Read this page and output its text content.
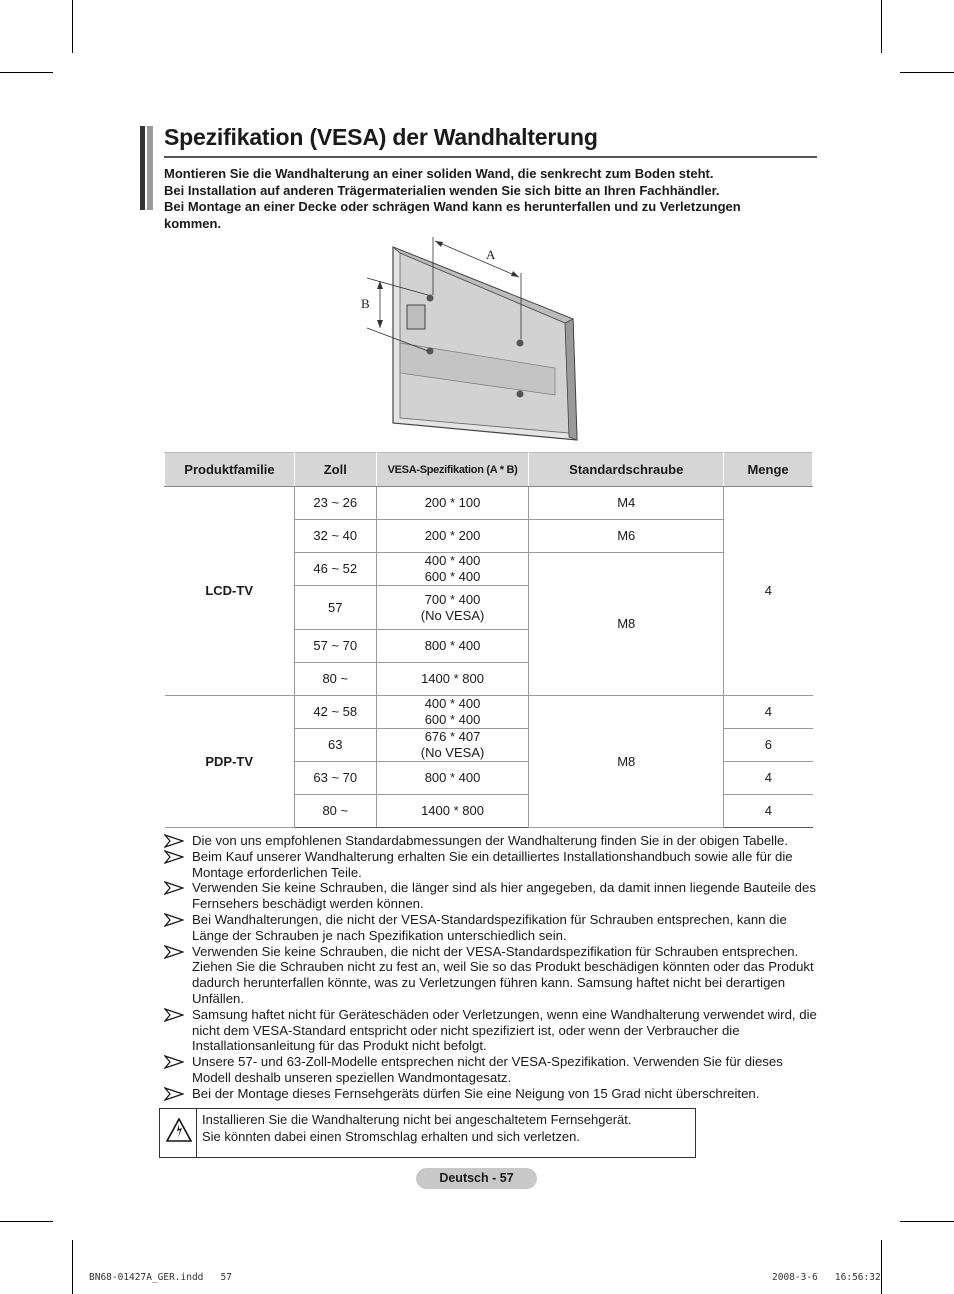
Spezifikation (VESA) der Wandhalterung
Montieren Sie die Wandhalterung an einer soliden Wand, die senkrecht zum Boden steht.
Bei Installation auf anderen Trägermaterialien wenden Sie sich bitte an Ihren Fachhändler.
Bei Montage an einer Decke oder schrägen Wand kann es herunterfallen und zu Verletzungen
kommen.
A
B
Produktfamilie	Zoll	VESA-Spezifikation (A * B)	Standardschraube	Menge
LCD-TV	23 ~ 26	200 * 100	M4	4
	32 ~ 40	200 * 200	M6	
	46 ~ 52	400 * 400
600 * 400	M8	
	57	700 * 400
(No VESA)		

	57 ~ 70	800 * 400		
	80 ~	1400 * 800		
PDP-TV	42 ~ 58	400 * 400
600 * 400	M8	4
	63	676 * 407
(No VESA)		6
	63 ~ 70	800 * 400		4
	80 ~	1400 * 800		4
Die von uns empfohlenen Standardabmessungen der Wandhalterung finden Sie in der obigen Tabelle.
Beim Kauf unserer Wandhalterung erhalten Sie ein detailliertes Installationshandbuch sowie alle für die Montage erforderlichen Teile.
Verwenden Sie keine Schrauben, die länger sind als hier angegeben, da damit innen liegende Bauteile des Fernsehers beschädigt werden können.
Bei Wandhalterungen, die nicht der VESA-Standardspezifikation für Schrauben entsprechen, kann die Länge der Schrauben je nach Spezifikation unterschiedlich sein.
Verwenden Sie keine Schrauben, die nicht der VESA-Standardspezifikation für Schrauben entsprechen. Ziehen Sie die Schrauben nicht zu fest an, weil Sie so das Produkt beschädigen könnten oder das Produkt dadurch herunterfallen könnte, was zu Verletzungen führen kann. Samsung haftet nicht bei derartigen Unfällen.
Samsung haftet nicht für Geräteschäden oder Verletzungen, wenn eine Wandhalterung verwendet wird, die nicht dem VESA-Standard entspricht oder nicht spezifiziert ist, oder wenn der Verbraucher die Installationsanleitung für das Produkt nicht befolgt.
Unsere 57- und 63-Zoll-Modelle entsprechen nicht der VESA-Spezifikation. Verwenden Sie für dieses Modell deshalb unseren speziellen Wandmontagesatz.
Bei der Montage dieses Fernsehgeräts dürfen Sie eine Neigung von 15 Grad nicht überschreiten.
Installieren Sie die Wandhalterung nicht bei angeschaltetem Fernsehgerät.
Sie könnten dabei einen Stromschlag erhalten und sich verletzen.
Deutsch - 57
BN68-01427A_GER.indd   57	2008-3-6   16:56:32
